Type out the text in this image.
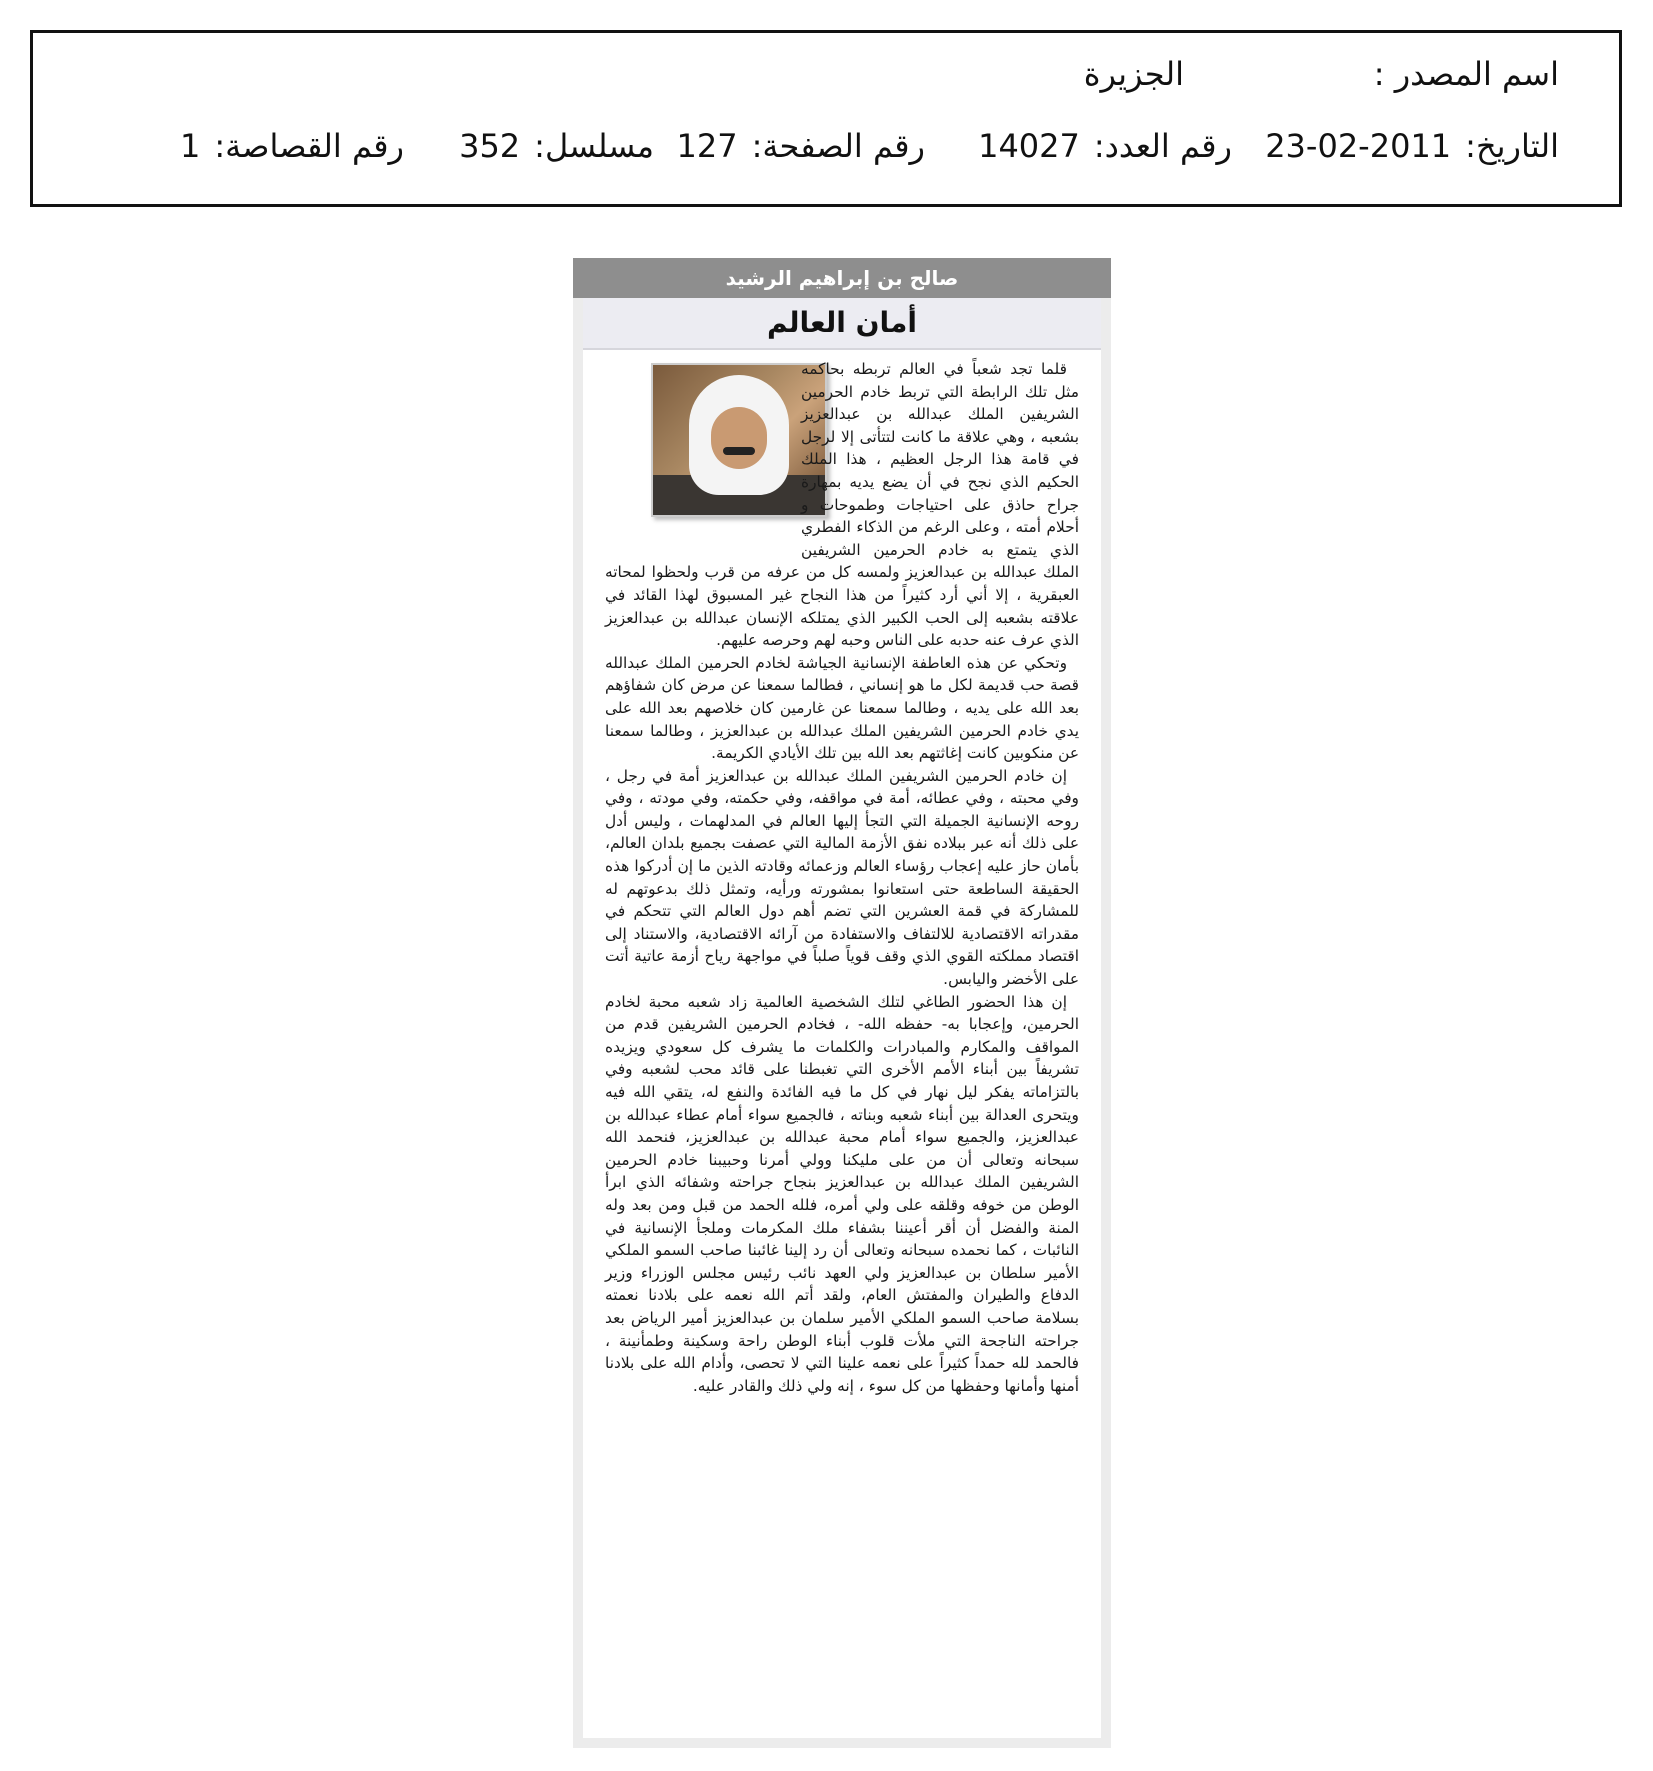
اسم المصدر :
الجزيرة
التاريخ:2011-02-23
رقم العدد:14027
رقم الصفحة:127
مسلسل:352
رقم القصاصة:1
صالح بن إبراهيم الرشيد
أمان العالم

قلما تجد شعباً في العالم تربطه بحاكمه مثل تلك الرابطة التي تربط خادم الحرمين الشريفين الملك عبدالله بن عبدالعزيز بشعبه ، وهي علاقة ما كانت لتتأتى إلا لرجل في قامة هذا الرجل العظيم ، هذا الملك الحكيم الذي نجح في أن يضع يديه بمهارة جراح حاذق على احتياجات وطموحات و أحلام أمته ، وعلى الرغم من الذكاء الفطري الذي يتمتع به خادم الحرمين الشريفين الملك عبدالله بن عبدالعزيز ولمسه كل من عرفه من قرب ولحظوا لمحاته العبقرية ، إلا أني أرد كثيراً من هذا النجاح غير المسبوق لهذا القائد في علاقته بشعبه إلى الحب الكبير الذي يمتلكه الإنسان عبدالله بن عبدالعزيز الذي عرف عنه حدبه على الناس وحبه لهم وحرصه عليهم.

وتحكي عن هذه العاطفة الإنسانية الجياشة لخادم الحرمين الملك عبدالله قصة حب قديمة لكل ما هو إنساني ، فطالما سمعنا عن مرض كان شفاؤهم بعد الله على يديه ، وطالما سمعنا عن غارمين كان خلاصهم بعد الله على يدي خادم الحرمين الشريفين الملك عبدالله بن عبدالعزيز ، وطالما سمعنا عن منكوبين كانت إغاثتهم بعد الله بين تلك الأيادي الكريمة.

إن خادم الحرمين الشريفين الملك عبدالله بن عبدالعزيز أمة في رجل ، وفي محبته ، وفي عطائه، أمة في مواقفه، وفي حكمته، وفي مودته ، وفي روحه الإنسانية الجميلة التي التجأ إليها العالم في المدلهمات ، وليس أدل على ذلك أنه عبر ببلاده نفق الأزمة المالية التي عصفت بجميع بلدان العالم، بأمان حاز عليه إعجاب رؤساء العالم وزعمائه وقادته الذين ما إن أدركوا هذه الحقيقة الساطعة حتى استعانوا بمشورته ورأيه، وتمثل ذلك بدعوتهم له للمشاركة في قمة العشرين التي تضم أهم دول العالم التي تتحكم في مقدراته الاقتصادية للالتفاف والاستفادة من آرائه الاقتصادية، والاستناد إلى اقتصاد مملكته القوي الذي وقف قوياً صلباً في مواجهة رياح أزمة عاتية أتت على الأخضر واليابس.

إن هذا الحضور الطاغي لتلك الشخصية العالمية زاد شعبه محبة لخادم الحرمين، وإعجابا به- حفظه الله- ، فخادم الحرمين الشريفين قدم من المواقف والمكارم والمبادرات والكلمات ما يشرف كل سعودي ويزيده تشريفاً بين أبناء الأمم الأخرى التي تغبطنا على قائد محب لشعبه وفي بالتزاماته يفكر ليل نهار في كل ما فيه الفائدة والنفع له، يتقي الله فيه ويتحرى العدالة بين أبناء شعبه وبناته ، فالجميع سواء أمام عطاء عبدالله بن عبدالعزيز، والجميع سواء أمام محبة عبدالله بن عبدالعزيز، فنحمد الله سبحانه وتعالى أن من على مليكنا وولي أمرنا وحبيبنا خادم الحرمين الشريفين الملك عبدالله بن عبدالعزيز بنجاح جراحته وشفائه الذي ابرأ الوطن من خوفه وقلقه على ولي أمره، فلله الحمد من قبل ومن بعد وله المنة والفضل أن أقر أعيننا بشفاء ملك المكرمات وملجأ الإنسانية في النائبات ، كما نحمده سبحانه وتعالى أن رد إلينا غائبنا صاحب السمو الملكي الأمير سلطان بن عبدالعزيز ولي العهد نائب رئيس مجلس الوزراء وزير الدفاع والطيران والمفتش العام، ولقد أتم الله نعمه على بلادنا نعمته بسلامة صاحب السمو الملكي الأمير سلمان بن عبدالعزيز أمير الرياض بعد جراحته الناجحة التي ملأت قلوب أبناء الوطن راحة وسكينة وطمأنينة ، فالحمد لله حمداً كثيراً على نعمه علينا التي لا تحصى، وأدام الله على بلادنا أمنها وأمانها وحفظها من كل سوء ، إنه ولي ذلك والقادر عليه.
